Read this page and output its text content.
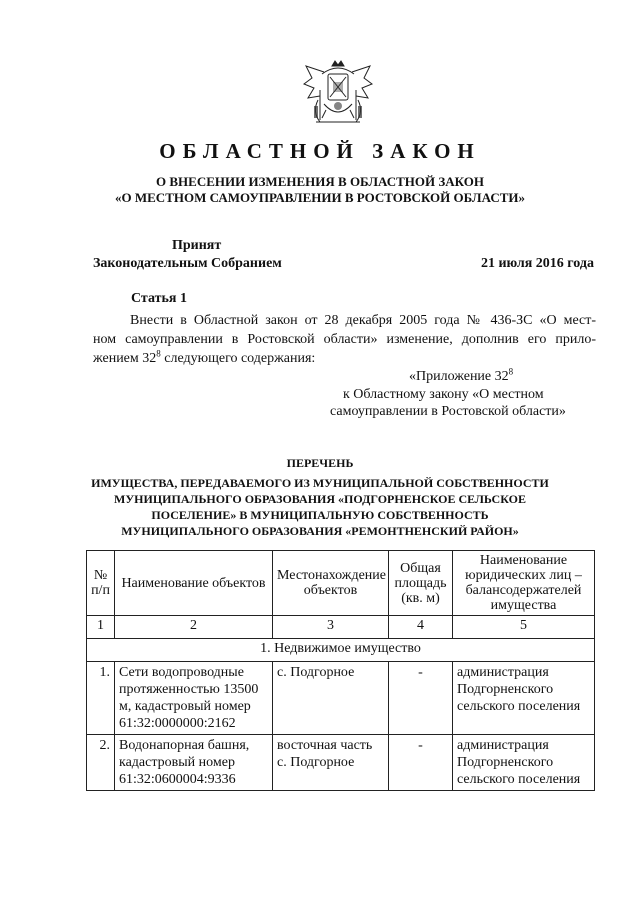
ОБЛАСТНОЙ ЗАКОН
О ВНЕСЕНИИ ИЗМЕНЕНИЯ В ОБЛАСТНОЙ ЗАКОН
«О МЕСТНОМ САМОУПРАВЛЕНИИ В РОСТОВСКОЙ ОБЛАСТИ»
Принят
Законодательным Собранием	21 июля 2016 года
Статья 1
Внести в Областной закон от 28 декабря 2005 года № 436-ЗС «О мест-
ном самоуправлении в Ростовской области» изменение, дополнив его прило-
жением $32^8$ следующего содержания:
«Приложение $32^8$
к Областному закону «О местном
самоуправлении в Ростовской области»
ПЕРЕЧЕНЬ
ИМУЩЕСТВА, ПЕРЕДАВАЕМОГО ИЗ МУНИЦИПАЛЬНОЙ СОБСТВЕННОСТИ
МУНИЦИПАЛЬНОГО ОБРАЗОВАНИЯ «ПОДГОРНЕНСКОЕ СЕЛЬСКОЕ
ПОСЕЛЕНИЕ» В МУНИЦИПАЛЬНУЮ СОБСТВЕННОСТЬ
МУНИЦИПАЛЬНОГО ОБРАЗОВАНИЯ «РЕМОНТНЕНСКИЙ РАЙОН»
№ п/п	Наименование объектов	Местонахождение объектов	Общая площадь (кв. м)	Наименование юридических лиц – балансодержателей имущества
1	2	3	4	5
1. Недвижимое имущество				
1.	Сети водопроводные протяженностью 13500 м, кадастровый номер 61:32:0000000:2162	с. Подгорное	-	администрация Подгорненского сельского поселения
2.	Водонапорная башня, кадастровый номер 61:32:0600004:9336	восточная часть с. Подгорное	-	администрация Подгорненского сельского поселения
